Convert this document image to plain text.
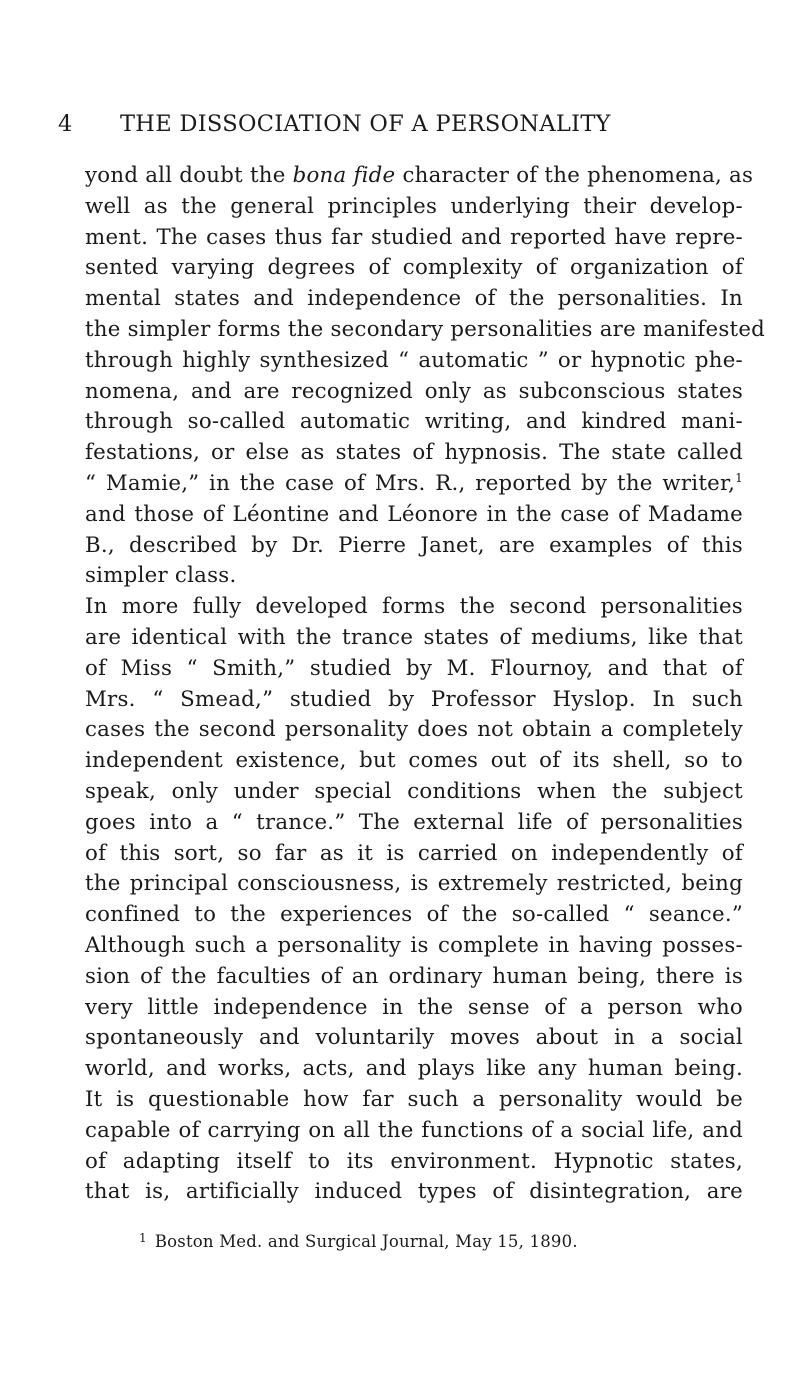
4 THE DISSOCIATION OF A PERSONALITY
yond all doubt the bona fide character of the phenomena, as
well as the general principles underlying their develop-
ment. The cases thus far studied and reported have repre-
sented varying degrees of complexity of organization of
mental states and independence of the personalities. In
the simpler forms the secondary personalities are manifested
through highly synthesized “ automatic ” or hypnotic phe-
nomena, and are recognized only as subconscious states
through so-called automatic writing, and kindred mani-
festations, or else as states of hypnosis. The state called
“ Mamie,” in the case of Mrs. R., reported by the writer,$^1$
and those of Léontine and Léonore in the case of Madame
B., described by Dr. Pierre Janet, are examples of this
simpler class.
In more fully developed forms the second personalities
are identical with the trance states of mediums, like that
of Miss “ Smith,” studied by M. Flournoy, and that of
Mrs. “ Smead,” studied by Professor Hyslop. In such
cases the second personality does not obtain a completely
independent existence, but comes out of its shell, so to
speak, only under special conditions when the subject
goes into a “ trance.” The external life of personalities
of this sort, so far as it is carried on independently of
the principal consciousness, is extremely restricted, being
confined to the experiences of the so-called “ seance.”
Although such a personality is complete in having posses-
sion of the faculties of an ordinary human being, there is
very little independence in the sense of a person who
spontaneously and voluntarily moves about in a social
world, and works, acts, and plays like any human being.
It is questionable how far such a personality would be
capable of carrying on all the functions of a social life, and
of adapting itself to its environment. Hypnotic states,
that is, artificially induced types of disintegration, are
$^1$ Boston Med. and Surgical Journal, May 15, 1890.
